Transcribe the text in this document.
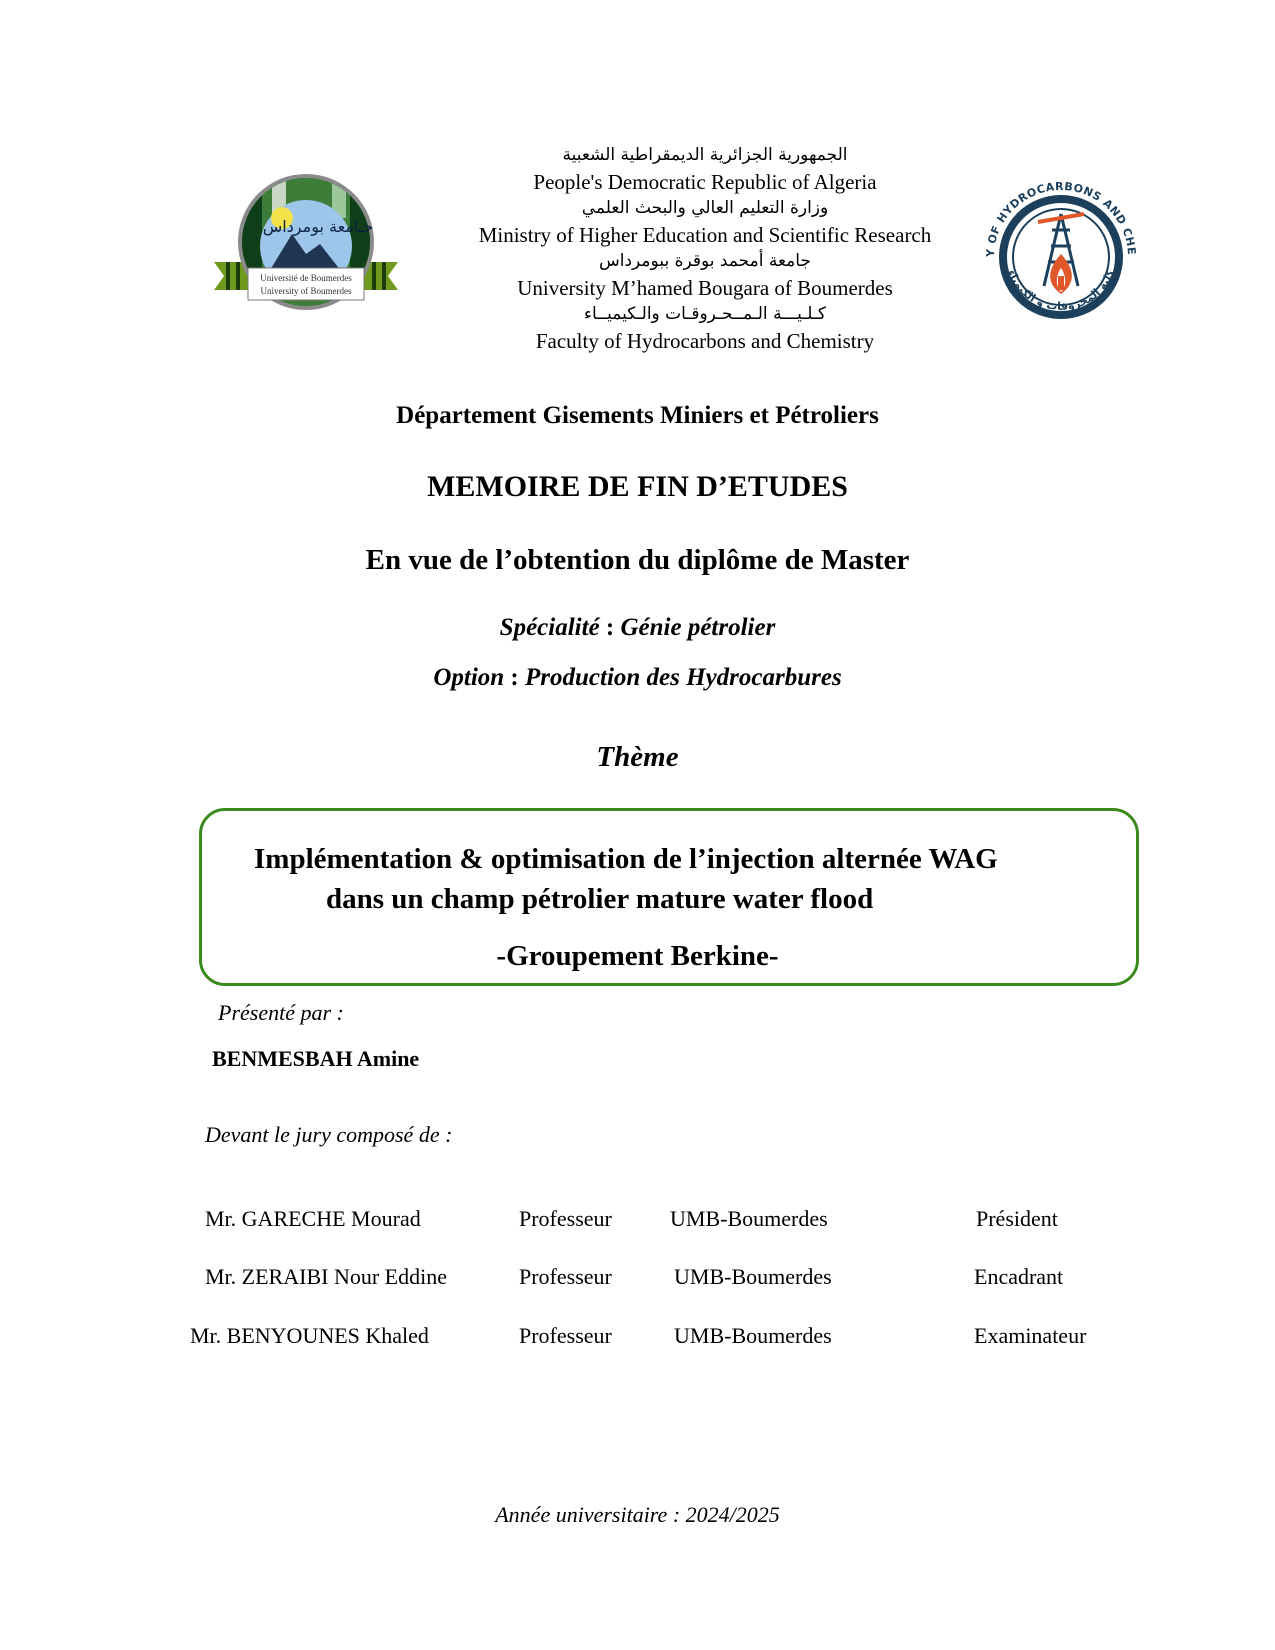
جـامعة بومرداس
Université de Boumerdes
University of Boumerdes
الجمهورية الجزائرية الديمقراطية الشعبية
People's Democratic Republic of Algeria
وزارة التعليم العالي والبحث العلمي
Ministry of Higher Education and Scientific Research
جامعة أمحمد بوقرة ببومرداس
University M’hamed Bougara of Boumerdes
كـلـيـــة الـمــحـروقـات والـكيميــاء
Faculty of Hydrocarbons and Chemistry
Y OF HYDROCARBONS AND CHE
كلية المحروقات و الكيمياء
Département Gisements Miniers et Pétroliers
MEMOIRE DE FIN D’ETUDES
En vue de l’obtention du diplôme de Master
Spécialité : Génie pétrolier
Option : Production des Hydrocarbures
Thème
Implémentation & optimisation de l’injection alternée WAG
dans un champ pétrolier mature water flood
-Groupement Berkine-
Présenté par :
BENMESBAH Amine
Devant le jury composé de :
Mr. GARECHE Mourad	Professeur	UMB-Boumerdes	Président
Mr. ZERAIBI Nour Eddine	Professeur	UMB-Boumerdes	Encadrant
Mr. BENYOUNES Khaled	Professeur	UMB-Boumerdes	Examinateur
Année universitaire : 2024/2025
